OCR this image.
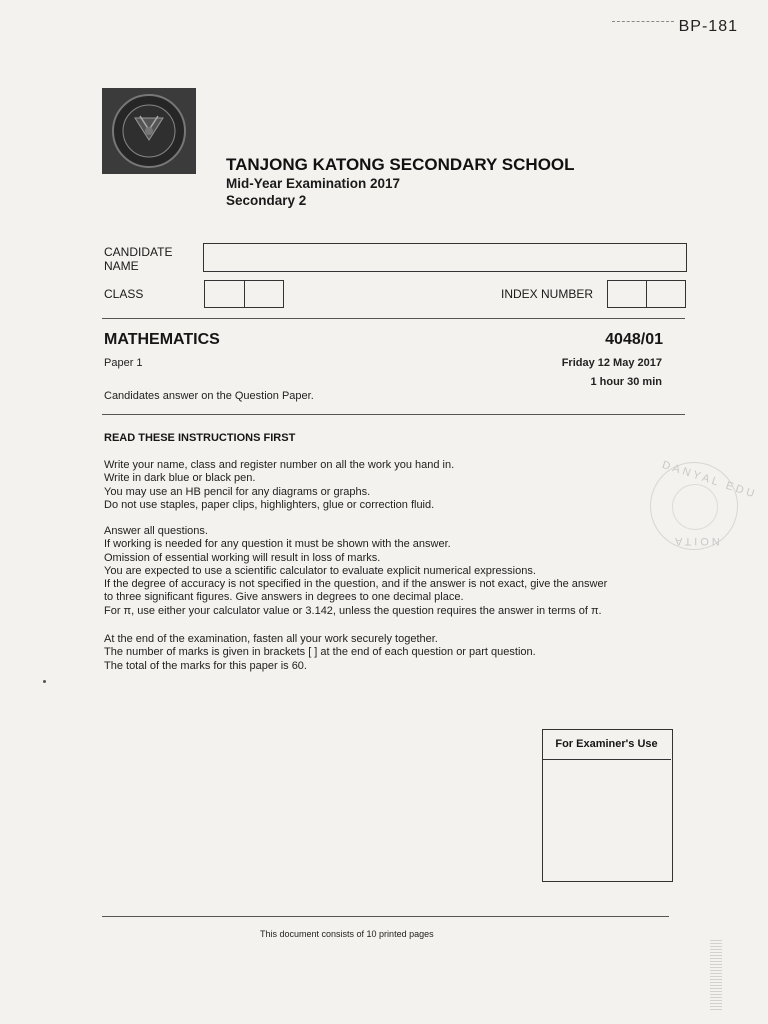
BP-181
TANJONG KATONG SECONDARY SCHOOL
Mid-Year Examination 2017
Secondary 2
CANDIDATE
NAME
CLASS	INDEX NUMBER
MATHEMATICS	4048/01
Paper 1	Friday 12 May 2017
1 hour 30 min
Candidates answer on the Question Paper.
READ THESE INSTRUCTIONS FIRST
Write your name, class and register number on all the work you hand in.
Write in dark blue or black pen.
You may use an HB pencil for any diagrams or graphs.
Do not use staples, paper clips, highlighters, glue or correction fluid.
Answer all questions.
If working is needed for any question it must be shown with the answer.
Omission of essential working will result in loss of marks.
You are expected to use a scientific calculator to evaluate explicit numerical expressions.
If the degree of accuracy is not specified in the question, and if the answer is not exact, give the answer
to three significant figures. Give answers in degrees to one decimal place.
For π, use either your calculator value or 3.142, unless the question requires the answer in terms of π.
At the end of the examination, fasten all your work securely together.
The number of marks is given in brackets [ ] at the end of each question or part question.
The total of the marks for this paper is 60.
DANYAL EDU
NOITA
For Examiner's Use
This document consists of 10 printed pages
